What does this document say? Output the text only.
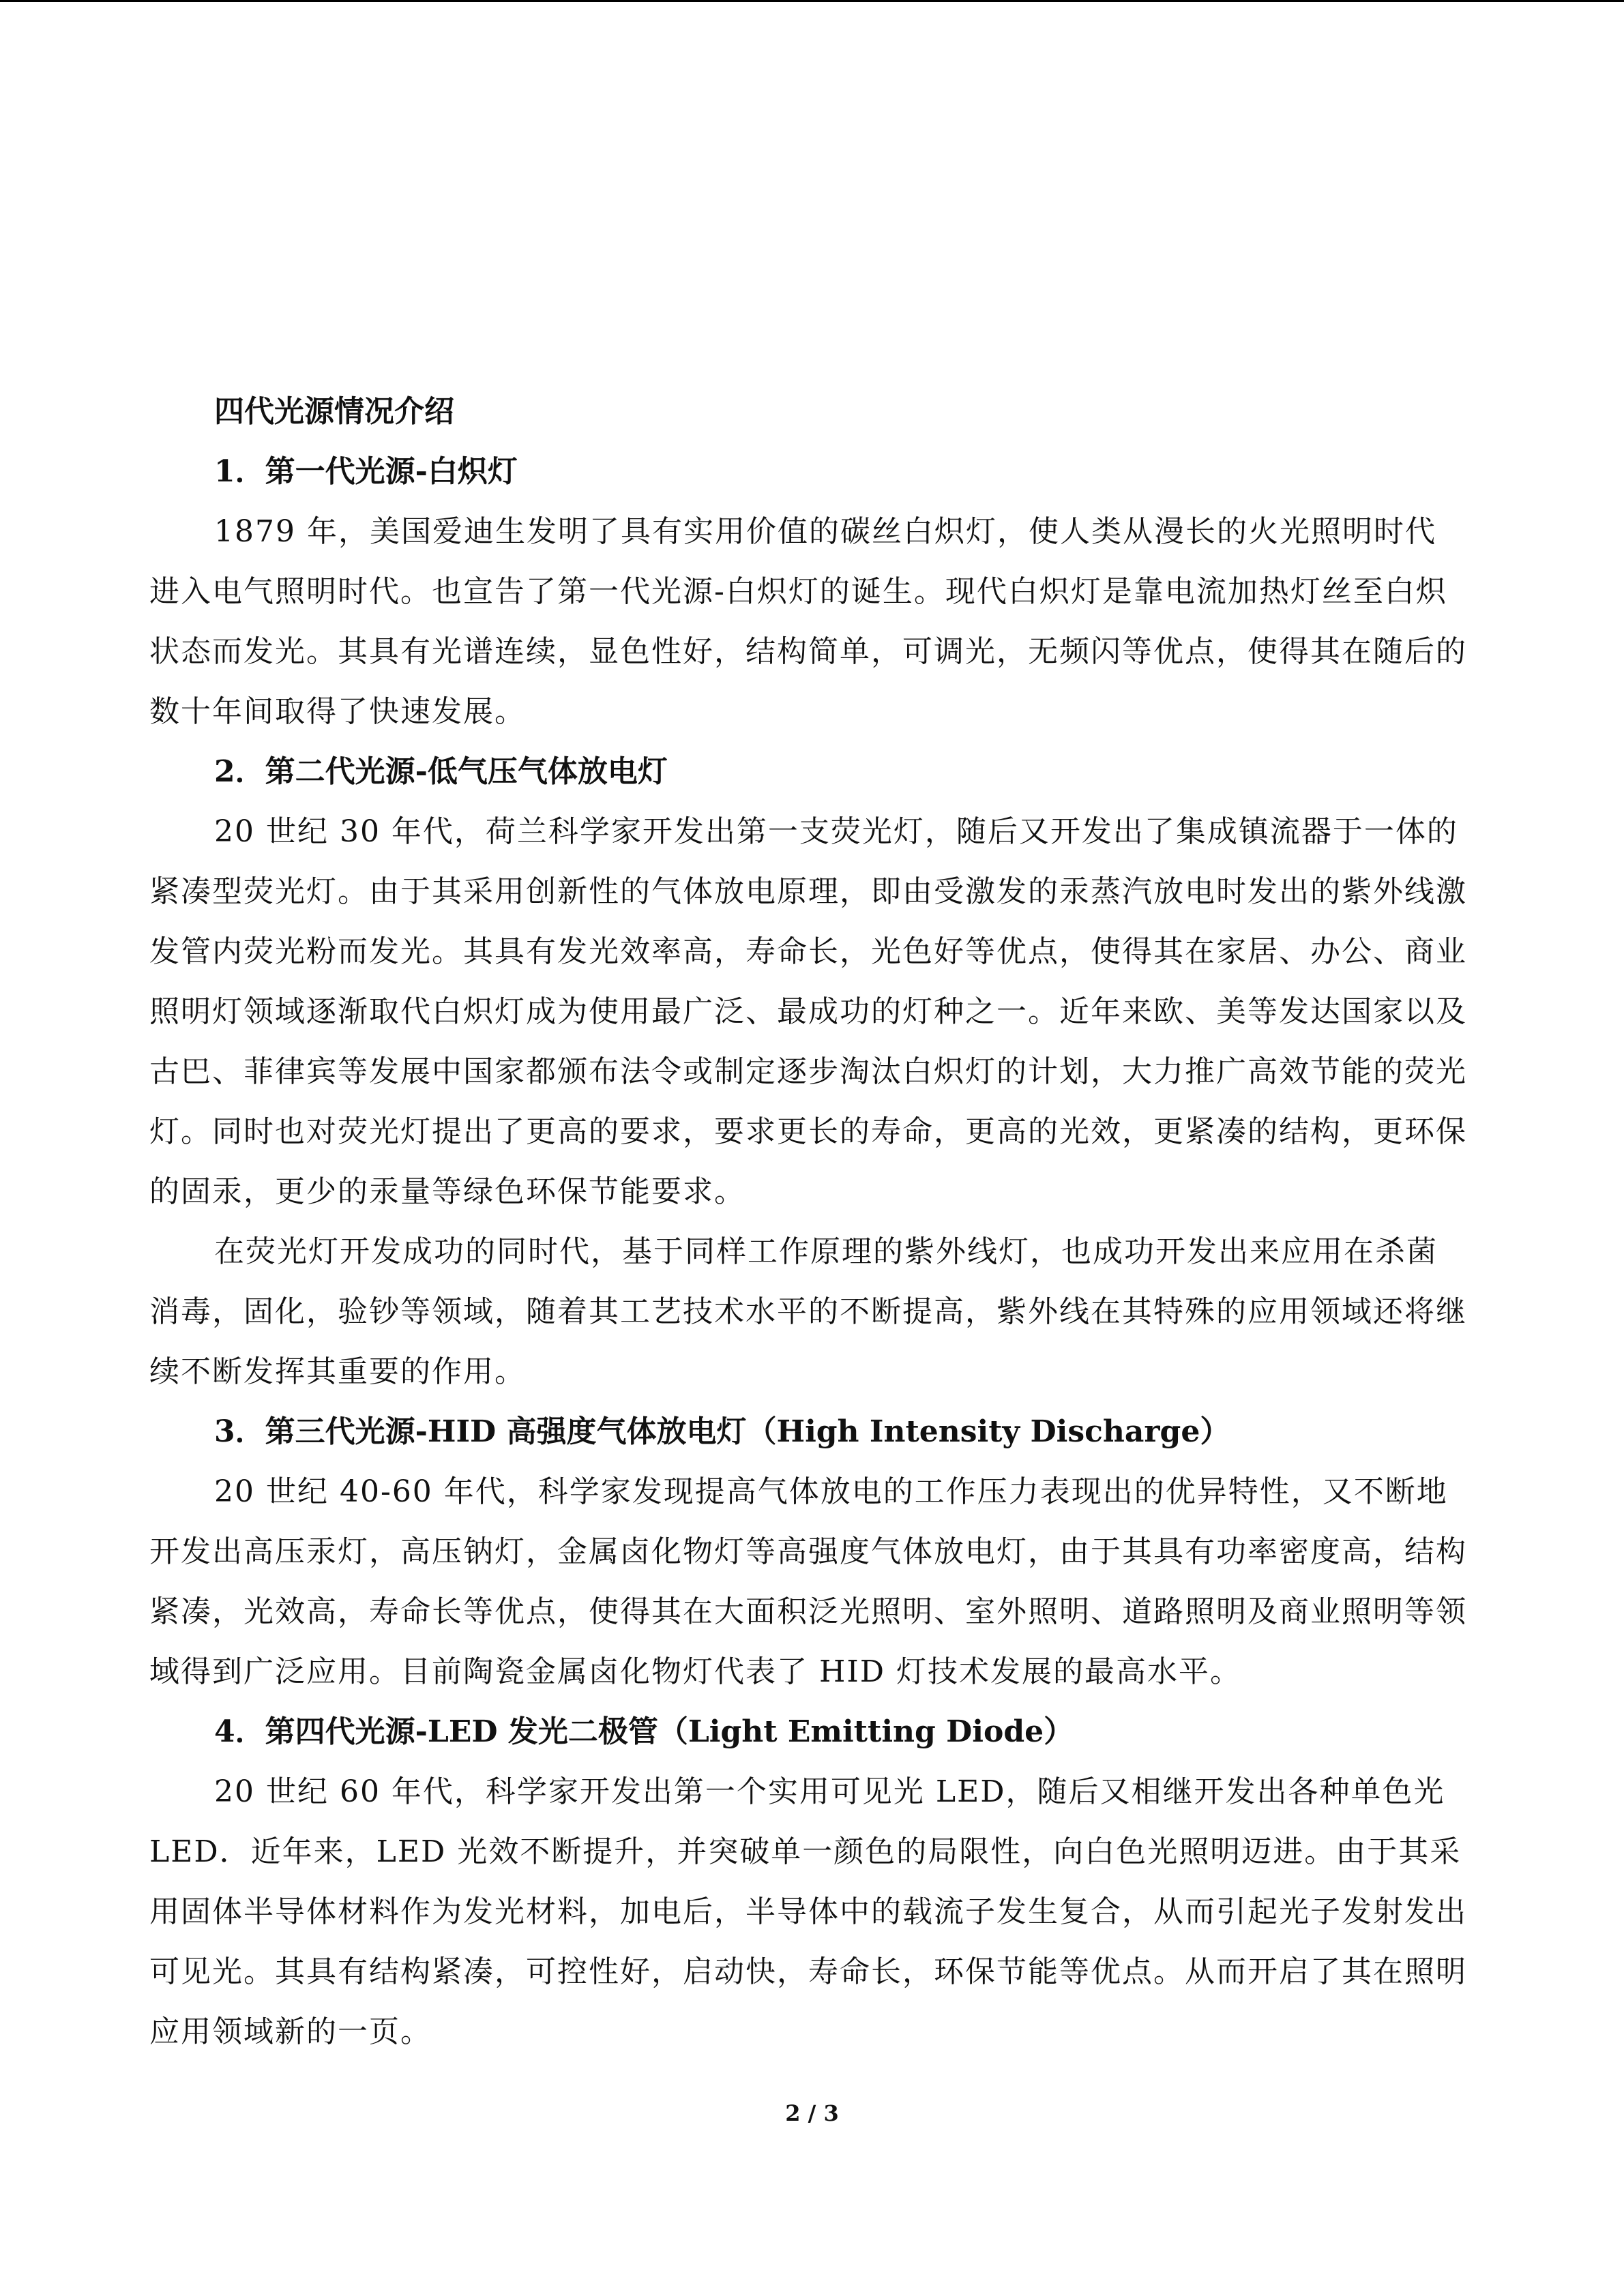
四代光源情况介绍

1．第一代光源-白炽灯

1879 年，美国爱迪生发明了具有实用价值的碳丝白炽灯，使人类从漫长的火光照明时代进入电气照明时代。也宣告了第一代光源-白炽灯的诞生。现代白炽灯是靠电流加热灯丝至白炽状态而发光。其具有光谱连续，显色性好，结构简单，可调光，无频闪等优点，使得其在随后的数十年间取得了快速发展。

2．第二代光源-低气压气体放电灯

20 世纪 30 年代，荷兰科学家开发出第一支荧光灯，随后又开发出了集成镇流器于一体的紧凑型荧光灯。由于其采用创新性的气体放电原理，即由受激发的汞蒸汽放电时发出的紫外线激发管内荧光粉而发光。其具有发光效率高，寿命长，光色好等优点，使得其在家居、办公、商业照明灯领域逐渐取代白炽灯成为使用最广泛、最成功的灯种之一。近年来欧、美等发达国家以及古巴、菲律宾等发展中国家都颁布法令或制定逐步淘汰白炽灯的计划，大力推广高效节能的荧光灯。同时也对荧光灯提出了更高的要求，要求更长的寿命，更高的光效，更紧凑的结构，更环保的固汞，更少的汞量等绿色环保节能要求。

在荧光灯开发成功的同时代，基于同样工作原理的紫外线灯，也成功开发出来应用在杀菌消毒，固化，验钞等领域，随着其工艺技术水平的不断提高，紫外线在其特殊的应用领域还将继续不断发挥其重要的作用。

3．第三代光源-HID 高强度气体放电灯（High Intensity Discharge）

20 世纪 40-60 年代，科学家发现提高气体放电的工作压力表现出的优异特性，又不断地开发出高压汞灯，高压钠灯，金属卤化物灯等高强度气体放电灯，由于其具有功率密度高，结构紧凑，光效高，寿命长等优点，使得其在大面积泛光照明、室外照明、道路照明及商业照明等领域得到广泛应用。目前陶瓷金属卤化物灯代表了 HID 灯技术发展的最高水平。

4．第四代光源-LED 发光二极管（Light Emitting Diode）

20 世纪 60 年代，科学家开发出第一个实用可见光 LED，随后又相继开发出各种单色光 LED．近年来，LED 光效不断提升，并突破单一颜色的局限性，向白色光照明迈进。由于其采用固体半导体材料作为发光材料，加电后，半导体中的载流子发生复合，从而引起光子发射发出可见光。其具有结构紧凑，可控性好，启动快，寿命长，环保节能等优点。从而开启了其在照明应用领域新的一页。

2 / 3
